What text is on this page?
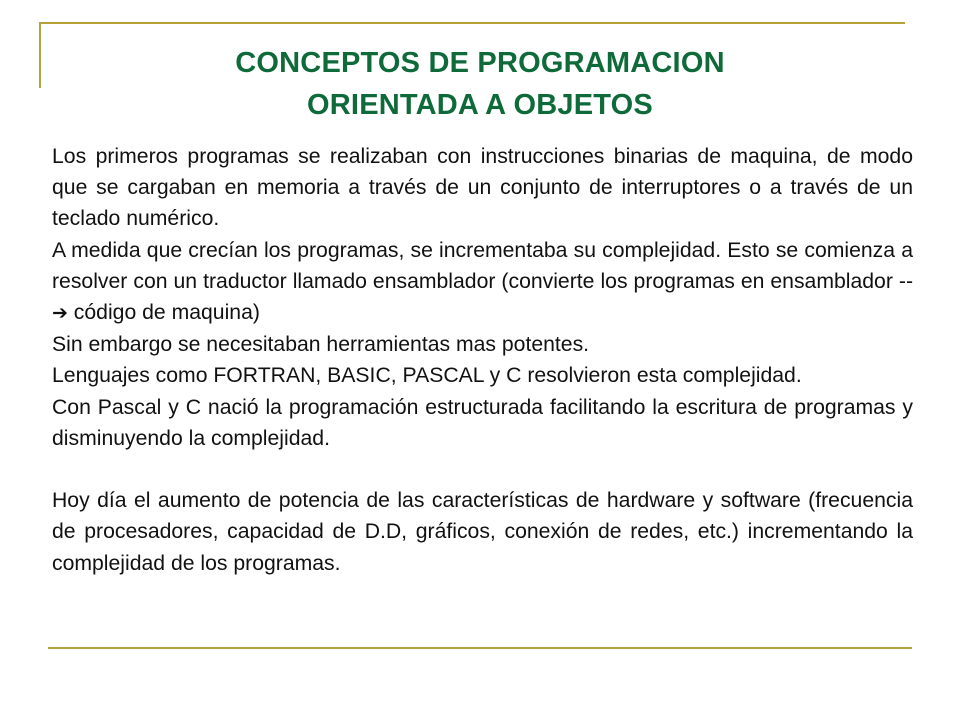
CONCEPTOS DE PROGRAMACION
ORIENTADA A OBJETOS

Los primeros programas se realizaban con instrucciones binarias de maquina, de modo que se cargaban en memoria a través de un conjunto de interruptores o a través de un teclado numérico.

A medida que crecían los programas, se incrementaba su complejidad. Esto se comienza a resolver con un traductor llamado ensamblador (convierte los programas en ensamblador --➔ código de maquina)

Sin embargo se necesitaban herramientas mas potentes.

Lenguajes como FORTRAN, BASIC, PASCAL y C resolvieron esta complejidad.

Con Pascal y C nació la programación estructurada facilitando la escritura de programas y disminuyendo la complejidad.

Hoy día el aumento de potencia de las características de hardware y software (frecuencia de procesadores, capacidad de D.D, gráficos, conexión de redes, etc.) incrementando la complejidad de los programas.
